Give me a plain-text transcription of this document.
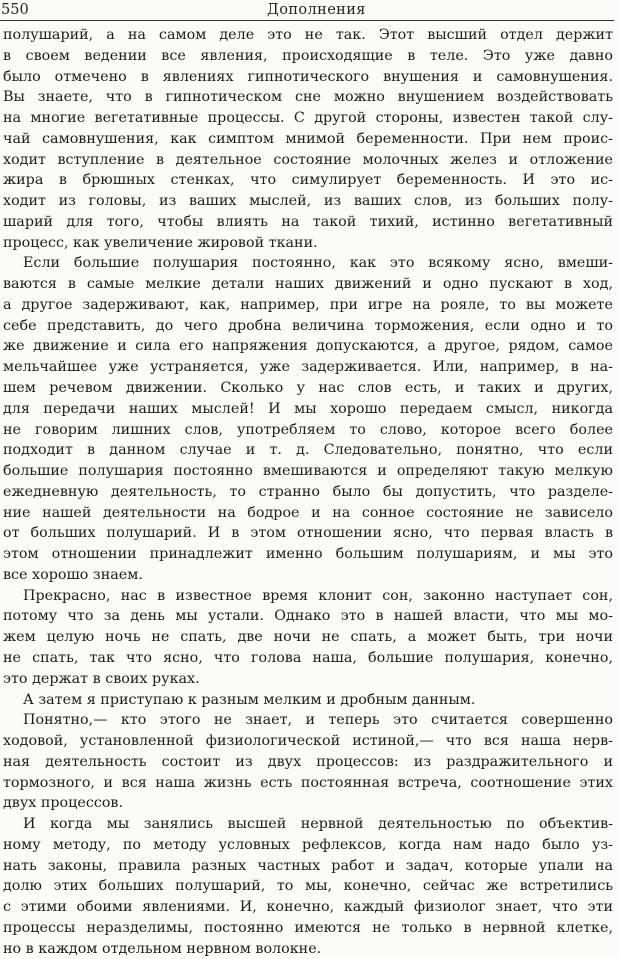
550	Дополнения
полушарий, а на самом деле это не так. Этот высший отдел держит
в своем ведении все явления, происходящие в теле. Это уже давно
было отмечено в явлениях гипнотического внушения и самовнушения.
Вы знаете, что в гипнотическом сне можно внушением воздействовать
на многие вегетативные процессы. С другой стороны, известен такой слу-
чай самовнушения, как симптом мнимой беременности. При нем проис-
ходит вступление в деятельное состояние молочных желез и отложение
жира в брюшных стенках, что симулирует беременность. И это ис-
ходит из головы, из ваших мыслей, из ваших слов, из больших полу-
шарий для того, чтобы влиять на такой тихий, истинно вегетативный
процесс, как увеличение жировой ткани.
Если большие полушария постоянно, как это всякому ясно, вмеши-
ваются в самые мелкие детали наших движений и одно пускают в ход,
а другое задерживают, как, например, при игре на рояле, то вы можете
себе представить, до чего дробна величина торможения, если одно и то
же движение и сила его напряжения допускаются, а другое, рядом, самое
мельчайшее уже устраняется, уже задерживается. Или, например, в на-
шем речевом движении. Сколько у нас слов есть, и таких и других,
для передачи наших мыслей! И мы хорошо передаем смысл, никогда
не говорим лишних слов, употребляем то слово, которое всего более
подходит в данном случае и т. д. Следовательно, понятно, что если
большие полушария постоянно вмешиваются и определяют такую мелкую
ежедневную деятельность, то странно было бы допустить, что разделе-
ние нашей деятельности на бодрое и на сонное состояние не зависело
от больших полушарий. И в этом отношении ясно, что первая власть в
этом отношении принадлежит именно большим полушариям, и мы это
все хорошо знаем.
Прекрасно, нас в известное время клонит сон, законно наступает сон,
потому что за день мы устали. Однако это в нашей власти, что мы мо-
жем целую ночь не спать, две ночи не спать, а может быть, три ночи
не спать, так что ясно, что голова наша, большие полушария, конечно,
это держат в своих руках.
А затем я приступаю к разным мелким и дробным данным.
Понятно,— кто этого не знает, и теперь это считается совершенно
ходовой, установленной физиологической истиной,— что вся наша нерв-
ная деятельность состоит из двух процессов: из раздражительного и
тормозного, и вся наша жизнь есть постоянная встреча, соотношение этих
двух процессов.
И когда мы занялись высшей нервной деятельностью по объектив-
ному методу, по методу условных рефлексов, когда нам надо было уз-
нать законы, правила разных частных работ и задач, которые упали на
долю этих больших полушарий, то мы, конечно, сейчас же встретились
с этими обоими явлениями. И, конечно, каждый физиолог знает, что эти
процессы неразделимы, постоянно имеются не только в нервной клетке,
но в каждом отдельном нервном волокне.
